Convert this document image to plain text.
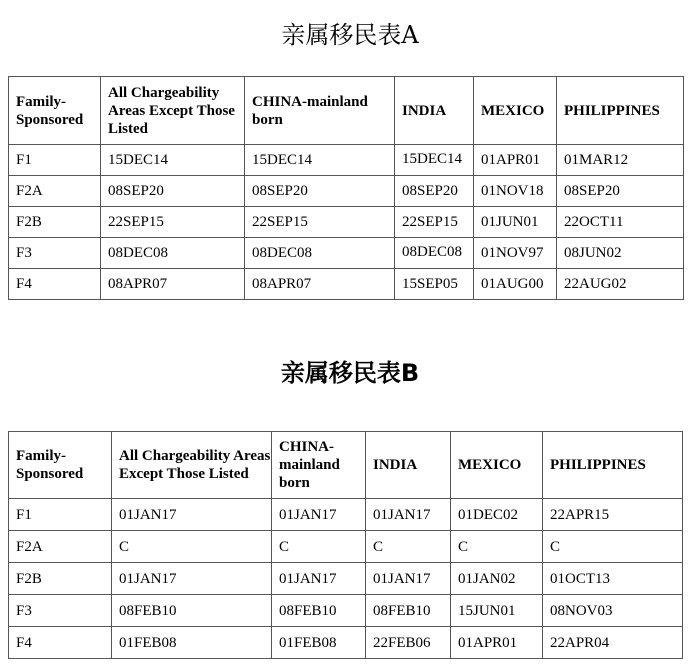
亲属移民表A
Family-Sponsored	All Chargeability Areas Except Those Listed	CHINA-mainland born	INDIA	MEXICO	PHILIPPINES
F1	15DEC14	15DEC14	15DEC14	01APR01	01MAR12
F2A	08SEP20	08SEP20	08SEP20	01NOV18	08SEP20
F2B	22SEP15	22SEP15	22SEP15	01JUN01	22OCT11
F3	08DEC08	08DEC08	08DEC08	01NOV97	08JUN02
F4	08APR07	08APR07	15SEP05	01AUG00	22AUG02
亲属移民表B
Family-Sponsored	All Chargeability Areas Except Those Listed	CHINA-mainland born	INDIA	MEXICO	PHILIPPINES
F1	01JAN17	01JAN17	01JAN17	01DEC02	22APR15
F2A	C	C	C	C	C
F2B	01JAN17	01JAN17	01JAN17	01JAN02	01OCT13
F3	08FEB10	08FEB10	08FEB10	15JUN01	08NOV03
F4	01FEB08	01FEB08	22FEB06	01APR01	22APR04
